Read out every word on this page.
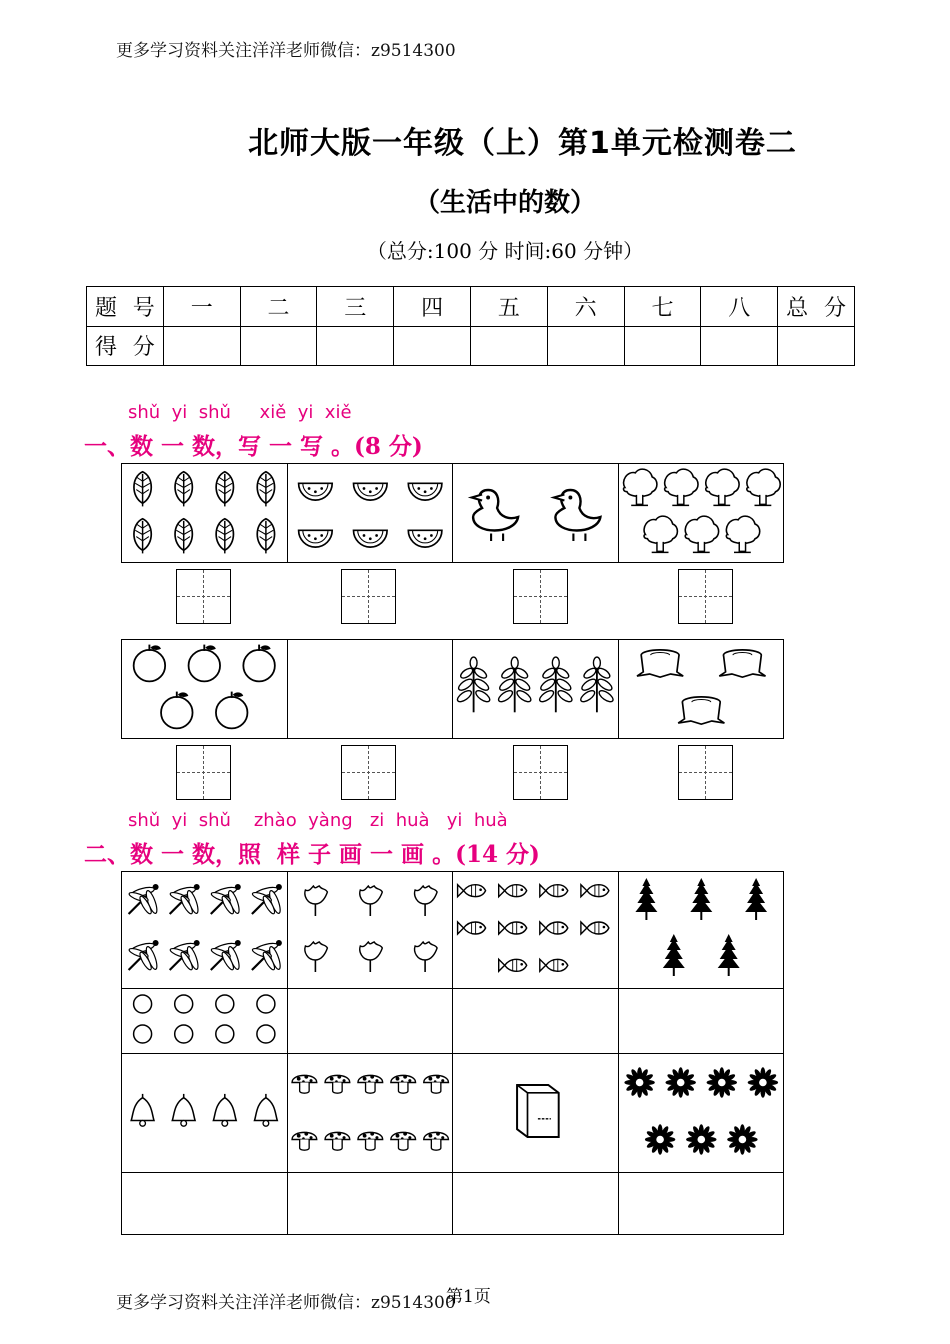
更多学习资料关注洋洋老师微信：z9514300
北师大版一年级（上）第1单元检测卷二
（生活中的数）
（总分:100 分 时间:60 分钟）
题 号	一	二	三	四	五	六	七	八	总 分
得 分									
shǔ  yi  shǔ     xiě  yi  xiě
一、数 一 数，写 一 写 。(8 分)

shǔ  yi  shǔ    zhào  yàng   zi  huà   yi  huà
二、数 一 数，照  样 子 画 一 画 。(14 分)

更多学习资料关注洋洋老师微信：z9514300
第1页
